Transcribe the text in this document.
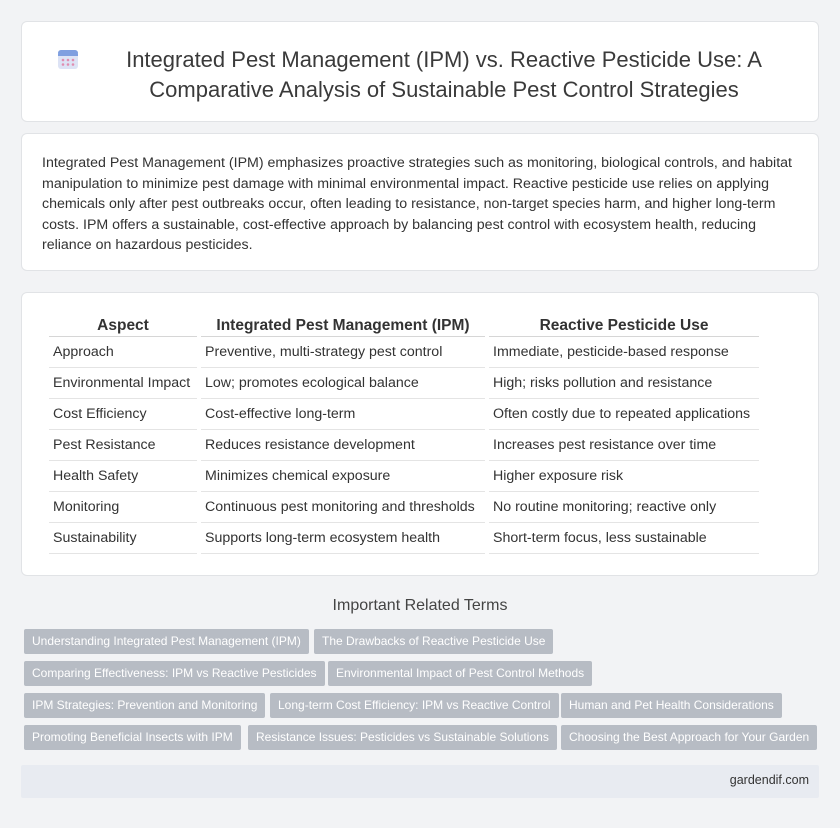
Integrated Pest Management (IPM) vs. Reactive Pesticide Use: A Comparative Analysis of Sustainable Pest Control Strategies

Integrated Pest Management (IPM) emphasizes proactive strategies such as monitoring, biological controls, and habitat manipulation to minimize pest damage with minimal environmental impact. Reactive pesticide use relies on applying chemicals only after pest outbreaks occur, often leading to resistance, non-target species harm, and higher long-term costs. IPM offers a sustainable, cost-effective approach by balancing pest control with ecosystem health, reducing reliance on hazardous pesticides.

Aspect	Integrated Pest Management (IPM)	Reactive Pesticide Use
Approach	Preventive, multi-strategy pest control	Immediate, pesticide-based response
Environmental Impact	Low; promotes ecological balance	High; risks pollution and resistance
Cost Efficiency	Cost-effective long-term	Often costly due to repeated applications
Pest Resistance	Reduces resistance development	Increases pest resistance over time
Health Safety	Minimizes chemical exposure	Higher exposure risk
Monitoring	Continuous pest monitoring and thresholds	No routine monitoring; reactive only
Sustainability	Supports long-term ecosystem health	Short-term focus, less sustainable
Important Related Terms
Understanding Integrated Pest Management (IPM)	The Drawbacks of Reactive Pesticide Use
Comparing Effectiveness: IPM vs Reactive Pesticides	Environmental Impact of Pest Control Methods
IPM Strategies: Prevention and Monitoring	Long-term Cost Efficiency: IPM vs Reactive Control	Human and Pet Health Considerations
Promoting Beneficial Insects with IPM	Resistance Issues: Pesticides vs Sustainable Solutions	Choosing the Best Approach for Your Garden
gardendif.com
